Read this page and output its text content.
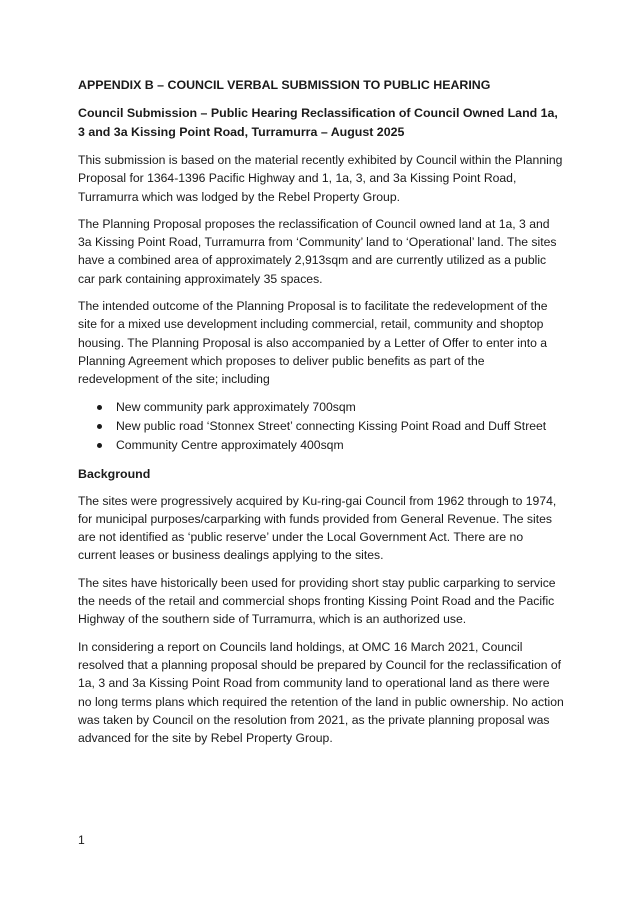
APPENDIX B – COUNCIL VERBAL SUBMISSION TO PUBLIC HEARING
Council Submission – Public Hearing Reclassification of Council Owned Land 1a, 3 and 3a Kissing Point Road, Turramurra – August 2025

This submission is based on the material recently exhibited by Council within the Planning Proposal for 1364-1396 Pacific Highway and 1, 1a, 3, and 3a Kissing Point Road, Turramurra which was lodged by the Rebel Property Group.

The Planning Proposal proposes the reclassification of Council owned land at 1a, 3 and 3a Kissing Point Road, Turramurra from ‘Community’ land to ‘Operational’ land. The sites have a combined area of approximately 2,913sqm and are currently utilized as a public car park containing approximately 35 spaces.

The intended outcome of the Planning Proposal is to facilitate the redevelopment of the site for a mixed use development including commercial, retail, community and shoptop housing. The Planning Proposal is also accompanied by a Letter of Offer to enter into a Planning Agreement which proposes to deliver public benefits as part of the redevelopment of the site; including

New community park approximately 700sqm
New public road ‘Stonnex Street’ connecting Kissing Point Road and Duff Street
Community Centre approximately 400sqm
Background

The sites were progressively acquired by Ku-ring-gai Council from 1962 through to 1974, for municipal purposes/carparking with funds provided from General Revenue. The sites are not identified as ‘public reserve’ under the Local Government Act. There are no current leases or business dealings applying to the sites.

The sites have historically been used for providing short stay public carparking to service the needs of the retail and commercial shops fronting Kissing Point Road and the Pacific Highway of the southern side of Turramurra, which is an authorized use.

In considering a report on Councils land holdings, at OMC 16 March 2021, Council resolved that a planning proposal should be prepared by Council for the reclassification of 1a, 3 and 3a Kissing Point Road from community land to operational land as there were no long terms plans which required the retention of the land in public ownership. No action was taken by Council on the resolution from 2021, as the private planning proposal was advanced for the site by Rebel Property Group.

1
